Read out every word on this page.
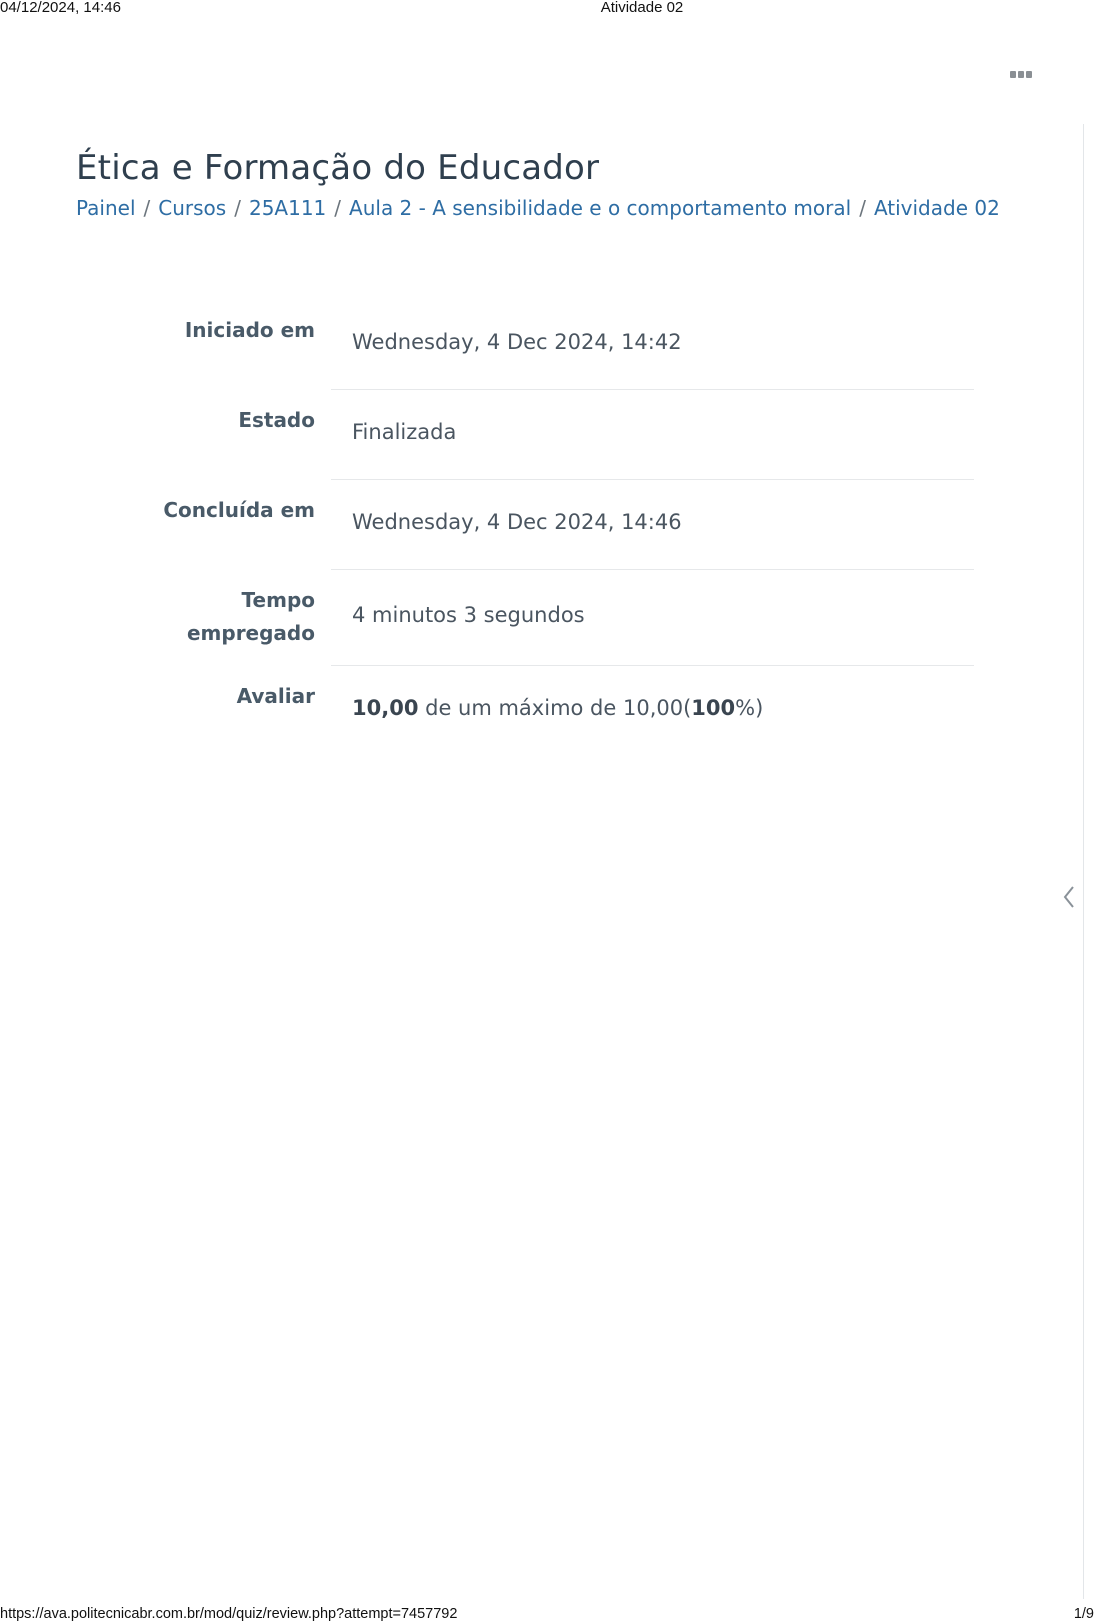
04/12/2024, 14:46	Atividade 02
Ética e Formação do Educador
Painel / Cursos / 25A111 / Aula 2 - A sensibilidade e o comportamento moral / Atividade 02
Iniciado em Wednesday, 4 Dec 2024, 14:42
Estado Finalizada
Concluída em Wednesday, 4 Dec 2024, 14:46
Tempo
empregado
4 minutos 3 segundos
Avaliar 10,00 de um máximo de 10,00(100%)
https://ava.politecnicabr.com.br/mod/quiz/review.php?attempt=7457792	1/9
